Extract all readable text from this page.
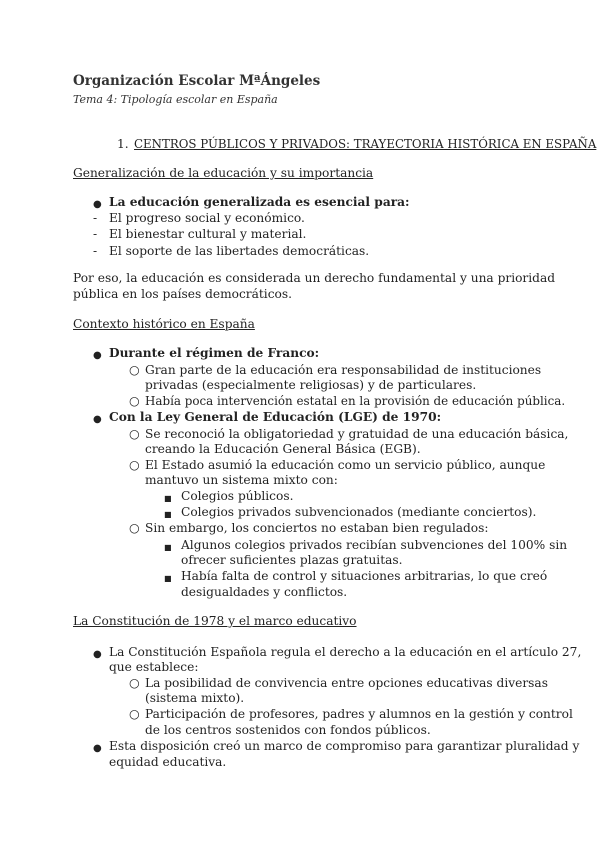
Organización Escolar MªÁngeles
Tema 4: Tipología escolar en España
1. CENTROS PÚBLICOS Y PRIVADOS: TRAYECTORIA HISTÓRICA EN ESPAÑA
Generalización de la educación y su importancia
● La educación generalizada es esencial para:
- El progreso social y económico.
- El bienestar cultural y material.
- El soporte de las libertades democráticas.
Por eso, la educación es considerada un derecho fundamental y una prioridad
pública en los países democráticos.
Contexto histórico en España
● Durante el régimen de Franco:
○ Gran parte de la educación era responsabilidad de instituciones
privadas (especialmente religiosas) y de particulares.
○ Había poca intervención estatal en la provisión de educación pública.
● Con la Ley General de Educación (LGE) de 1970:
○ Se reconoció la obligatoriedad y gratuidad de una educación básica,
creando la Educación General Básica (EGB).
○ El Estado asumió la educación como un servicio público, aunque
mantuvo un sistema mixto con:
■ Colegios públicos.
■ Colegios privados subvencionados (mediante conciertos).
○ Sin embargo, los conciertos no estaban bien regulados:
■ Algunos colegios privados recibían subvenciones del 100% sin
ofrecer suficientes plazas gratuitas.
■ Había falta de control y situaciones arbitrarias, lo que creó
desigualdades y conflictos.
La Constitución de 1978 y el marco educativo
● La Constitución Española regula el derecho a la educación en el artículo 27,
que establece:
○ La posibilidad de convivencia entre opciones educativas diversas
(sistema mixto).
○ Participación de profesores, padres y alumnos en la gestión y control
de los centros sostenidos con fondos públicos.
● Esta disposición creó un marco de compromiso para garantizar pluralidad y
equidad educativa.
